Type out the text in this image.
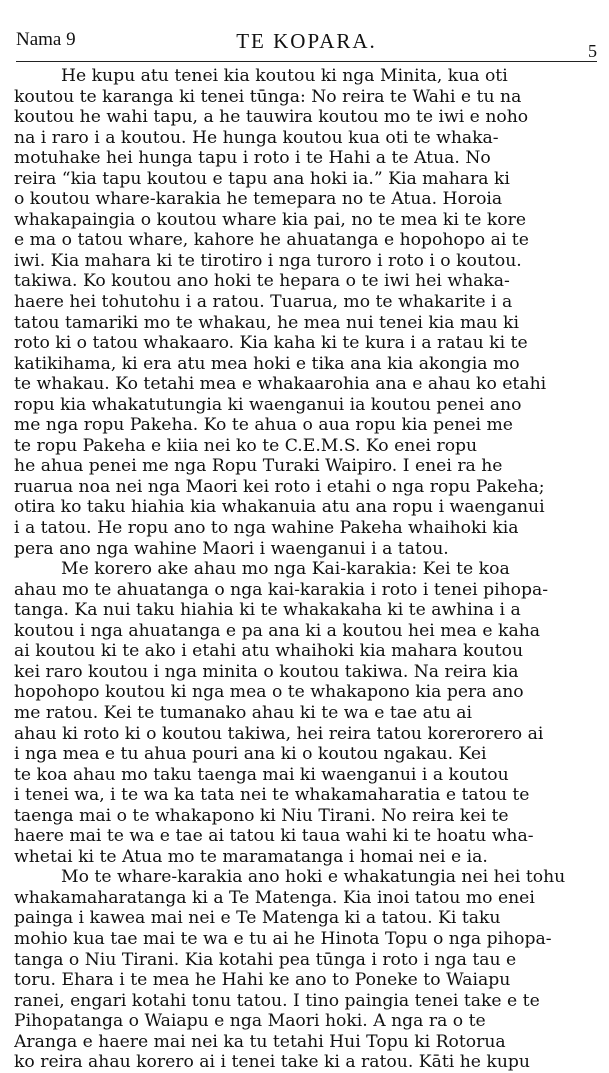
Nama 9	TE KOPARA.	5
He kupu atu tenei kia koutou ki nga Minita, kua oti
koutou te karanga ki tenei tūnga: No reira te Wahi e tu na
koutou he wahi tapu, a he tauwira koutou mo te iwi e noho
na i raro i a koutou. He hunga koutou kua oti te whaka-
motuhake hei hunga tapu i roto i te Hahi a te Atua. No
reira “kia tapu koutou e tapu ana hoki ia.” Kia mahara ki
o koutou whare-karakia he temepara no te Atua. Horoia
whakapaingia o koutou whare kia pai, no te mea ki te kore
e ma o tatou whare, kahore he ahuatanga e hopohopo ai te
iwi. Kia mahara ki te tirotiro i nga turoro i roto i o koutou.
takiwa. Ko koutou ano hoki te hepara o te iwi hei whaka-
haere hei tohutohu i a ratou. Tuarua, mo te whakarite i a
tatou tamariki mo te whakau, he mea nui tenei kia mau ki
roto ki o tatou whakaaro. Kia kaha ki te kura i a ratau ki te
katikihama, ki era atu mea hoki e tika ana kia akongia mo
te whakau. Ko tetahi mea e whakaarohia ana e ahau ko etahi
ropu kia whakatutungia ki waenganui ia koutou penei ano
me nga ropu Pakeha. Ko te ahua o aua ropu kia penei me
te ropu Pakeha e kiia nei ko te C.E.M.S. Ko enei ropu
he ahua penei me nga Ropu Turaki Waipiro. I enei ra he
ruarua noa nei nga Maori kei roto i etahi o nga ropu Pakeha;
otira ko taku hiahia kia whakanuia atu ana ropu i waenganui
i a tatou. He ropu ano to nga wahine Pakeha whaihoki kia
pera ano nga wahine Maori i waenganui i a tatou.
Me korero ake ahau mo nga Kai-karakia: Kei te koa
ahau mo te ahuatanga o nga kai-karakia i roto i tenei pihopa-
tanga. Ka nui taku hiahia ki te whakakaha ki te awhina i a
koutou i nga ahuatanga e pa ana ki a koutou hei mea e kaha
ai koutou ki te ako i etahi atu whaihoki kia mahara koutou
kei raro koutou i nga minita o koutou takiwa. Na reira kia
hopohopo koutou ki nga mea o te whakapono kia pera ano
me ratou. Kei te tumanako ahau ki te wa e tae atu ai
ahau ki roto ki o koutou takiwa, hei reira tatou korerorero ai
i nga mea e tu ahua pouri ana ki o koutou ngakau. Kei
te koa ahau mo taku taenga mai ki waenganui i a koutou
i tenei wa, i te wa ka tata nei te whakamaharatia e tatou te
taenga mai o te whakapono ki Niu Tirani. No reira kei te
haere mai te wa e tae ai tatou ki taua wahi ki te hoatu wha-
whetai ki te Atua mo te maramatanga i homai nei e ia.
Mo te whare-karakia ano hoki e whakatungia nei hei tohu
whakamaharatanga ki a Te Matenga. Kia inoi tatou mo enei
painga i kawea mai nei e Te Matenga ki a tatou. Ki taku
mohio kua tae mai te wa e tu ai he Hinota Topu o nga pihopa-
tanga o Niu Tirani. Kia kotahi pea tūnga i roto i nga tau e
toru. Ehara i te mea he Hahi ke ano to Poneke to Waiapu
ranei, engari kotahi tonu tatou. I tino paingia tenei take e te
Pihopatanga o Waiapu e nga Maori hoki. A nga ra o te
Aranga e haere mai nei ka tu tetahi Hui Topu ki Rotorua
ko reira ahau korero ai i tenei take ki a ratou. Kāti he kupu
